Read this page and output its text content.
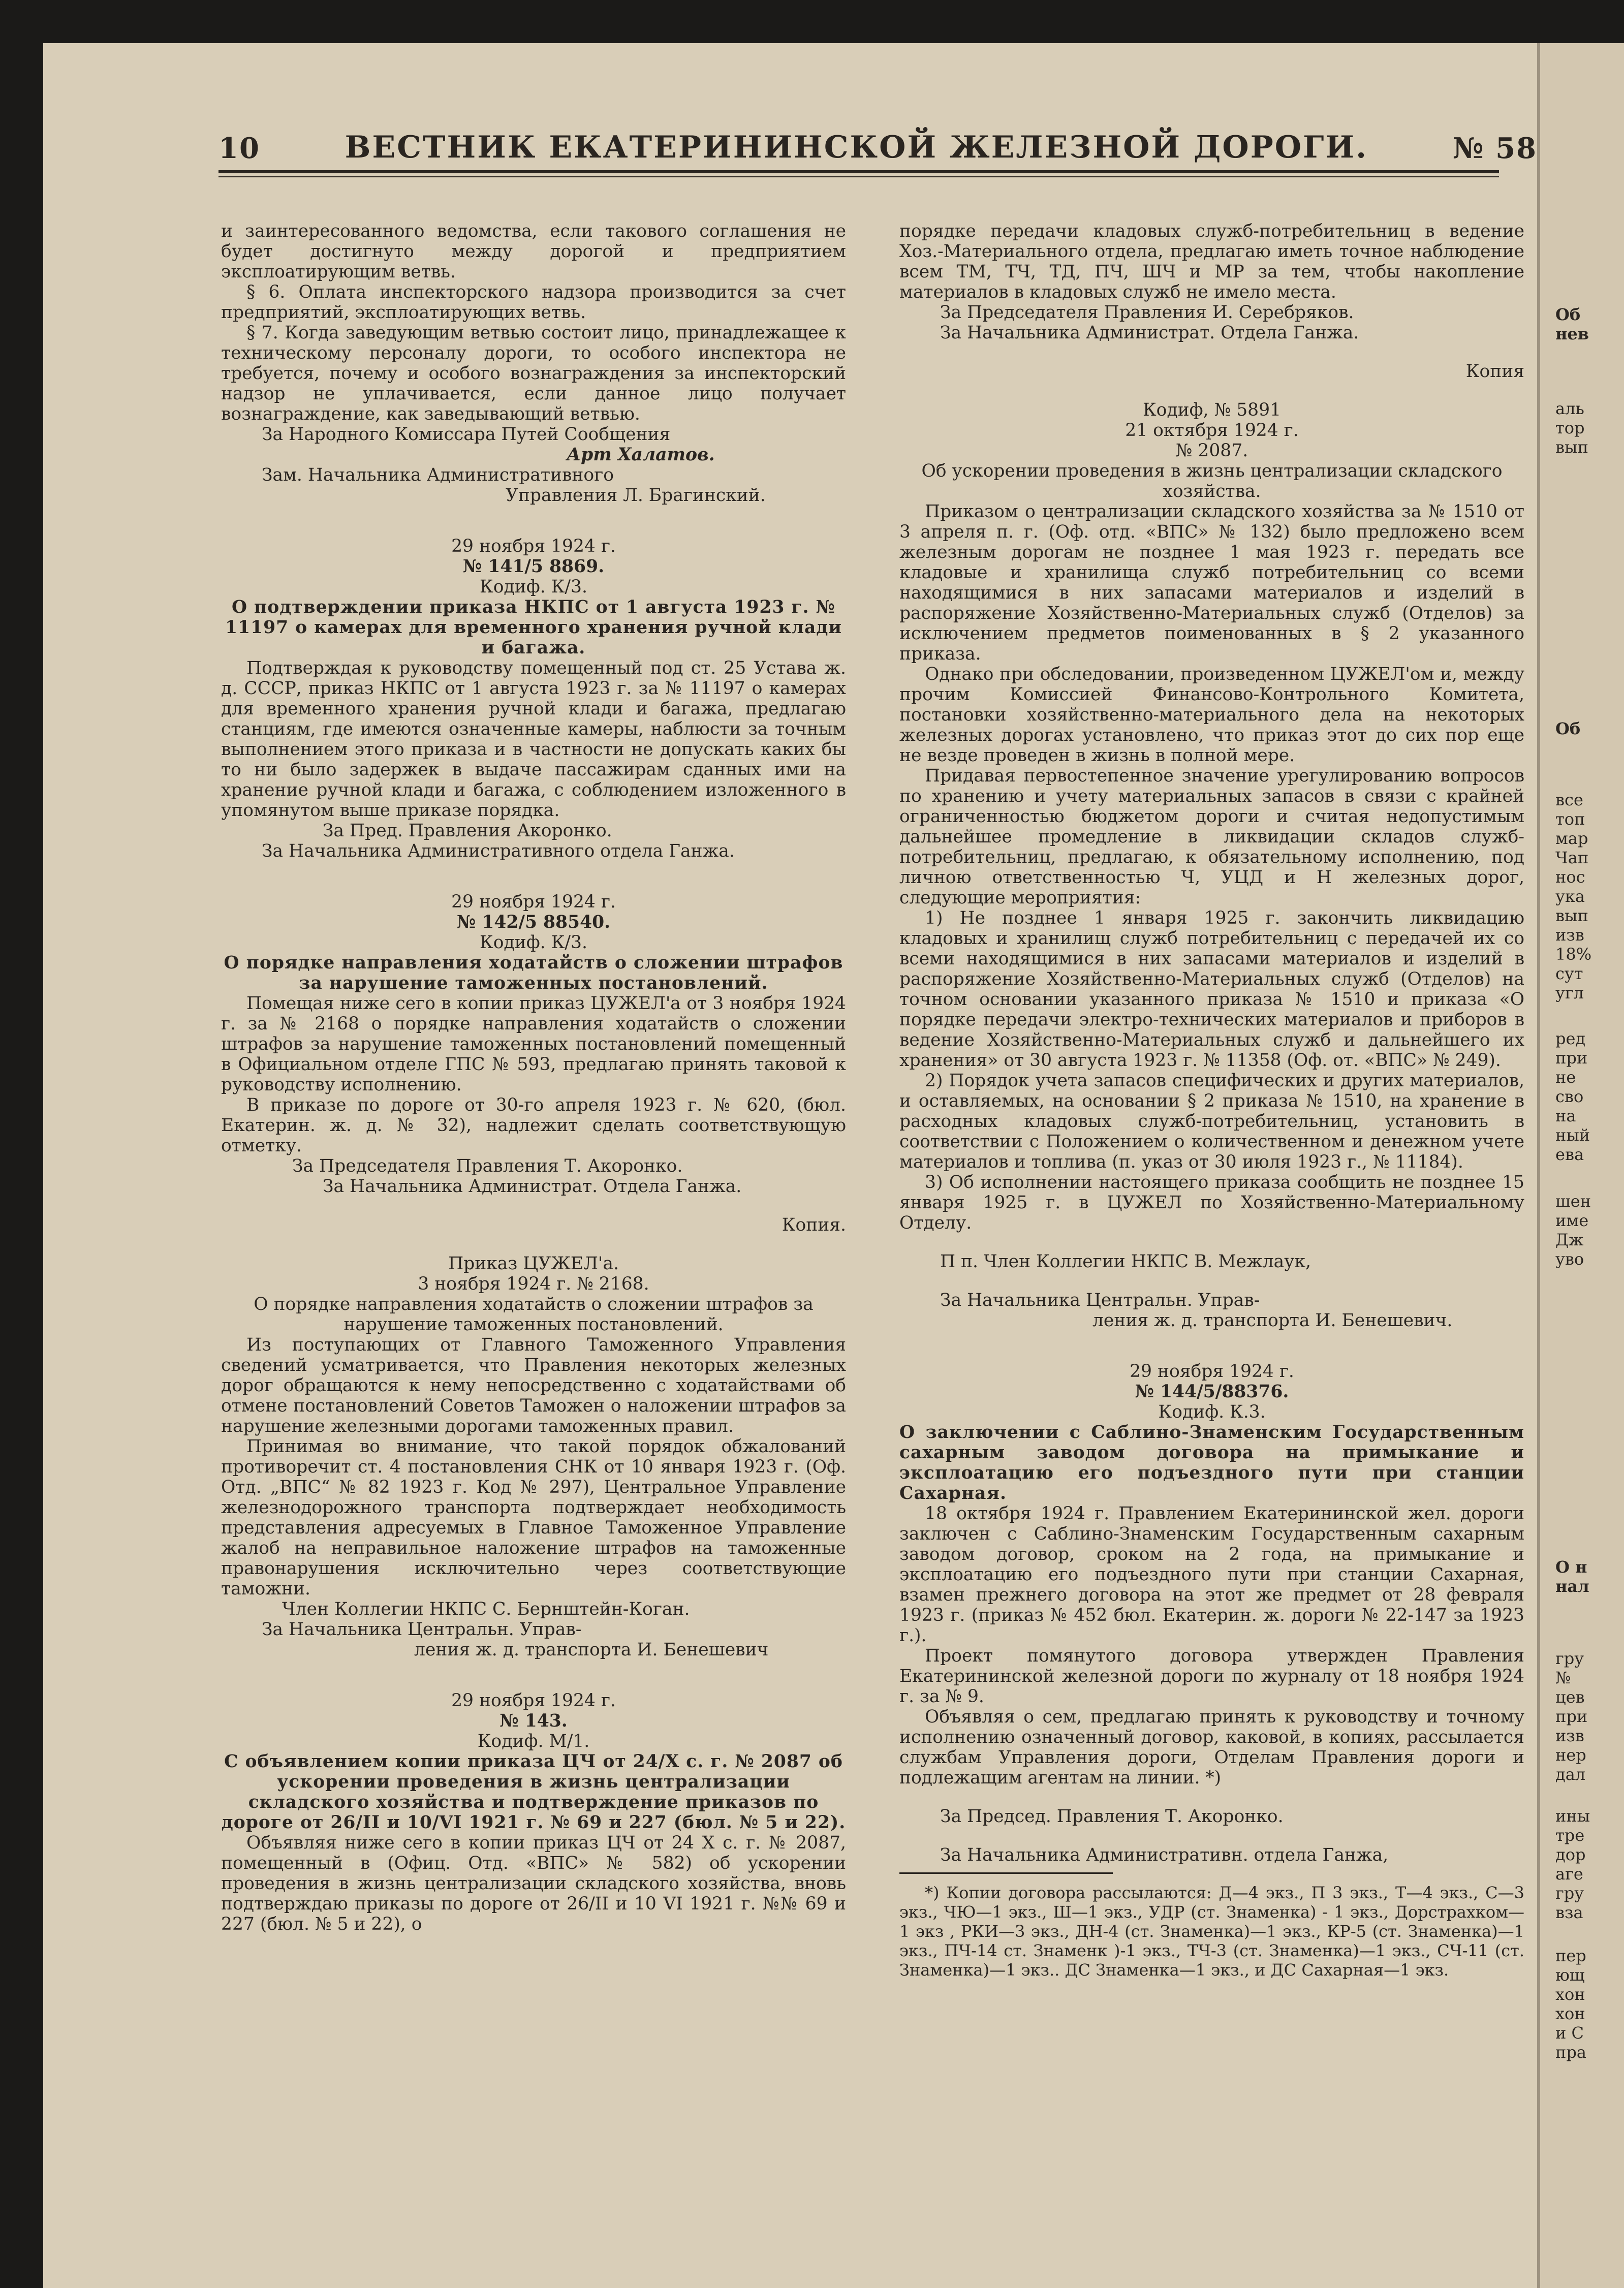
10	ВЕСТНИК ЕКАТЕРИНИНСКОЙ ЖЕЛЕЗНОЙ ДОРОГИ.	№ 58

и заинтересованного ведомства, если такового соглашения не будет достигнуто между дорогой и предприятием эксплоатирующим ветвь.

§ 6. Оплата инспекторского надзора производится за счет предприятий, эксплоатирующих ветвь.

§ 7. Когда заведующим ветвью состоит лицо, принадлежащее к техническому персоналу дороги, то особого инспектора не требуется, почему и особого вознаграждения за инспекторский надзор не уплачивается, если данное лицо получает вознаграждение, как заведывающий ветвью.

За Народного Комиссара Путей Сообщения

Арт Халатов.

Зам. Начальника Административного

Управления Л. Брагинский.

29 ноября 1924 г.

№ 141/5 8869.

Кодиф. К/3.

О подтверждении приказа НКПС от 1 августа 1923 г. № 11197 о камерах для временного хранения ручной клади и багажа.

Подтверждая к руководству помещенный под ст. 25 Устава ж. д. СССР, приказ НКПС от 1 августа 1923 г. за № 11197 о камерах для временного хранения ручной клади и багажа, предлагаю станциям, где имеются означенные камеры, наблюсти за точным выполнением этого приказа и в частности не допускать каких бы то ни было задержек в выдаче пассажирам сданных ими на хранение ручной клади и багажа, с соблюдением изложенного в упомянутом выше приказе порядка.

За Пред. Правления Акоронко.

За Начальника Административного отдела Ганжа.

29 ноября 1924 г.

№ 142/5 88540.

Кодиф. К/3.

О порядке направления ходатайств о сложении штрафов за нарушение таможенных постановлений.

Помещая ниже сего в копии приказ ЦУЖЕЛ'а от 3 ноября 1924 г. за № 2168 о порядке направления ходатайств о сложении штрафов за нарушение таможенных постановлений помещенный в Официальном отделе ГПС № 593, предлагаю принять таковой к руководству исполнению.

В приказе по дороге от 30-го апреля 1923 г. № 620, (бюл. Екатерин. ж. д. № 32), надлежит сделать соответствующую отметку.

За Председателя Правления Т. Акоронко.

За Начальника Администрат. Отдела Ганжа.

Копия.

Приказ ЦУЖЕЛ'а.

3 ноября 1924 г. № 2168.

О порядке направления ходатайств о сложении штрафов за нарушение таможенных постановлений.

Из поступающих от Главного Таможенного Управления сведений усматривается, что Правления некоторых железных дорог обращаются к нему непосредственно с ходатайствами об отмене постановлений Советов Таможен о наложении штрафов за нарушение железными дорогами таможенных правил.

Принимая во внимание, что такой порядок обжалований противоречит ст. 4 постановления СНК от 10 января 1923 г. (Оф. Отд. „ВПС“ № 82 1923 г. Код № 297), Центральное Управление железнодорожного транспорта подтверждает необходимость представления адресуемых в Главное Таможенное Управление жалоб на неправильное наложение штрафов на таможенные правонарушения исключительно через соответствующие таможни.

Член Коллегии НКПС С. Бернштейн-Коган.

За Начальника Центральн. Управ-

ления ж. д. транспорта И. Бенешевич

29 ноября 1924 г.

№ 143.

Кодиф. М/1.

С объявлением копии приказа ЦЧ от 24/Х с. г. № 2087 об ускорении проведения в жизнь централизации складского хозяйства и подтверждение приказов по дороге от 26/II и 10/VI 1921 г. № 69 и 227 (бюл. № 5 и 22).

Объявляя ниже сего в копии приказ ЦЧ от 24 Х с. г. № 2087, помещенный в (Офиц. Отд. «ВПС» № 582) об ускорении проведения в жизнь централизации складского хозяйства, вновь подтверждаю приказы по дороге от 26/II и 10 VI 1921 г. №№ 69 и 227 (бюл. № 5 и 22), о

порядке передачи кладовых служб-потребительниц в ведение Хоз.-Материального отдела, предлагаю иметь точное наблюдение всем ТМ, ТЧ, ТД, ПЧ, ШЧ и МР за тем, чтобы накопление материалов в кладовых служб не имело места.

За Председателя Правления И. Серебряков.

За Начальника Администрат. Отдела Ганжа.

Копия

Кодиф, № 5891

21 октября 1924 г.

№ 2087.

Об ускорении проведения в жизнь централизации складского хозяйства.

Приказом о централизации складского хозяйства за № 1510 от 3 апреля п. г. (Оф. отд. «ВПС» № 132) было предложено всем железным дорогам не позднее 1 мая 1923 г. передать все кладовые и хранилища служб потребительниц со всеми находящимися в них запасами материалов и изделий в распоряжение Хозяйственно-Материальных служб (Отделов) за исключением предметов поименованных в § 2 указанного приказа.

Однако при обследовании, произведенном ЦУЖЕЛ'ом и, между прочим Комиссией Финансово-Контрольного Комитета, постановки хозяйственно-материального дела на некоторых железных дорогах установлено, что приказ этот до сих пор еще не везде проведен в жизнь в полной мере.

Придавая первостепенное значение урегулированию вопросов по хранению и учету материальных запасов в связи с крайней ограниченностью бюджетом дороги и считая недопустимым дальнейшее промедление в ликвидации складов служб-потребительниц, предлагаю, к обязательному исполнению, под личною ответственностью Ч, УЦД и Н железных дорог, следующие мероприятия:

1) Не позднее 1 января 1925 г. закончить ликвидацию кладовых и хранилищ служб потребительниц с передачей их со всеми находящимися в них запасами материалов и изделий в распоряжение Хозяйственно-Материальных служб (Отделов) на точном основании указанного приказа № 1510 и приказа «О порядке передачи электро-технических материалов и приборов в ведение Хозяйственно-Материальных служб и дальнейшего их хранения» от 30 августа 1923 г. № 11358 (Оф. от. «ВПС» № 249).

2) Порядок учета запасов специфических и других материалов, и оставляемых, на основании § 2 приказа № 1510, на хранение в расходных кладовых служб-потребительниц, установить в соответствии с Положением о количественном и денежном учете материалов и топлива (п. указ от 30 июля 1923 г., № 11184).

3) Об исполнении настоящего приказа сообщить не позднее 15 января 1925 г. в ЦУЖЕЛ по Хозяйственно-Материальному Отделу.

П п. Член Коллегии НКПС В. Межлаук,

За Начальника Центральн. Управ-

ления ж. д. транспорта И. Бенешевич.

29 ноября 1924 г.

№ 144/5/88376.

Кодиф. К.3.

О заключении с Саблино-Знаменским Государственным сахарным заводом договора на примыкание и эксплоатацию его подъездного пути при станции Сахарная.

18 октября 1924 г. Правлением Екатерининской жел. дороги заключен с Саблино-Знаменским Государственным сахарным заводом договор, сроком на 2 года, на примыкание и эксплоатацию его подъездного пути при станции Сахарная, взамен прежнего договора на этот же предмет от 28 февраля 1923 г. (приказ № 452 бюл. Екатерин. ж. дороги № 22-147 за 1923 г.).

Проект помянутого договора утвержден Правления Екатерининской железной дороги по журналу от 18 ноября 1924 г. за № 9.

Объявляя о сем, предлагаю принять к руководству и точному исполнению означенный договор, каковой, в копиях, рассылается службам Управления дороги, Отделам Правления дороги и подлежащим агентам на линии. *)

За Председ. Правления Т. Акоронко.

За Начальника Административн. отдела Ганжа,

*) Копии договора рассылаются: Д—4 экз., П 3 экз., Т—4 экз., С—3 экз., ЧЮ—1 экз., Ш—1 экз., УДР (ст. Знаменка) - 1 экз., Дорстрахком—1 экз , РКИ—3 экз., ДН-4 (ст. Знаменка)—1 экз., КР-5 (ст. Знаменка)—1 экз., ПЧ-14 ст. Знаменк )-1 экз., ТЧ-3 (ст. Знаменка)—1 экз., СЧ-11 (ст. Знаменка)—1 экз.. ДС Знаменка—1 экз., и ДС Сахарная—1 экз.

Об
нев
аль
тор
вып
Об
все
топ
мар
Чап
нос
ука
вып
изв
18%
сут
угл
ред
при
не
сво
на
ный
ева
шен
име
Дж
уво
О н
нал
гру
№
цев
при
изв
нер
дал
ины
тре
дор
аге
гру
вза
пер
ющ
хон
хон
и С
пра
